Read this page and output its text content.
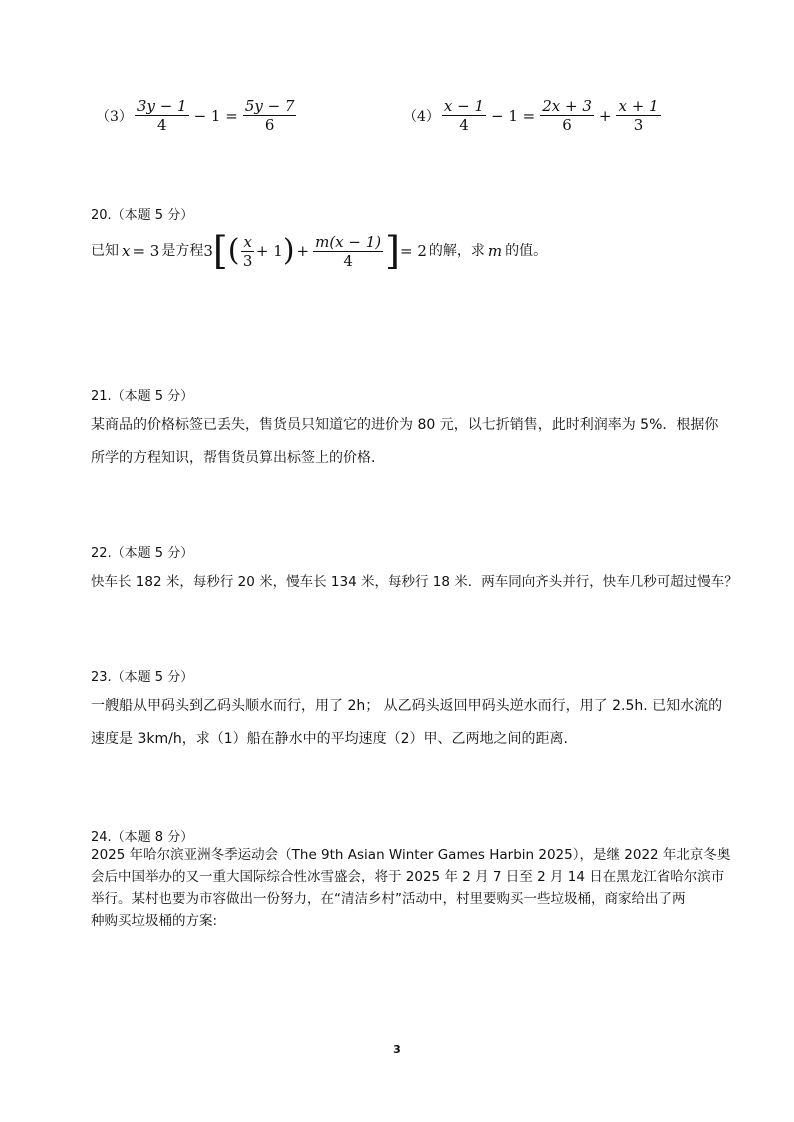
$(3) \frac{3y - 1}{4} - 1 = \frac{5y - 7}{6}$	$(4) \frac{x - 1}{4} - 1 = \frac{2x + 3}{6} + \frac{x + 1}{3}$
20.（本题 5 分）
已知 x = 3 是方程 3 [ ( $\frac{x}{3} + 1$ ) + $\frac{m(x - 1)}{4}$ ] = 2 的解，求 m 的值。
21.（本题 5 分）
某商品的价格标签已丢失，售货员只知道它的进价为 80 元，以七折销售，此时利润率为 5%．根据你
所学的方程知识，帮售货员算出标签上的价格.
22.（本题 5 分）
快车长 182 米，每秒行 20 米，慢车长 134 米，每秒行 18 米．两车同向齐头并行，快车几秒可超过慢车？
23.（本题 5 分）
一艘船从甲码头到乙码头顺水而行，用了 2h； 从乙码头返回甲码头逆水而行，用了 2.5h. 已知水流的
速度是 3km/h，求（1）船在静水中的平均速度（2）甲、乙两地之间的距离.
24.（本题 8 分）
2025 年哈尔滨亚洲冬季运动会（The 9th Asian Winter Games Harbin 2025），是继 2022 年北京冬奥
会后中国举办的又一重大国际综合性冰雪盛会，将于 2025 年 2 月 7 日至 2 月 14 日在黑龙江省哈尔滨市
举行。某村也要为市容做出一份努力，在“清洁乡村”活动中，村里要购买一些垃圾桶，商家给出了两
种购买垃圾桶的方案:
3
